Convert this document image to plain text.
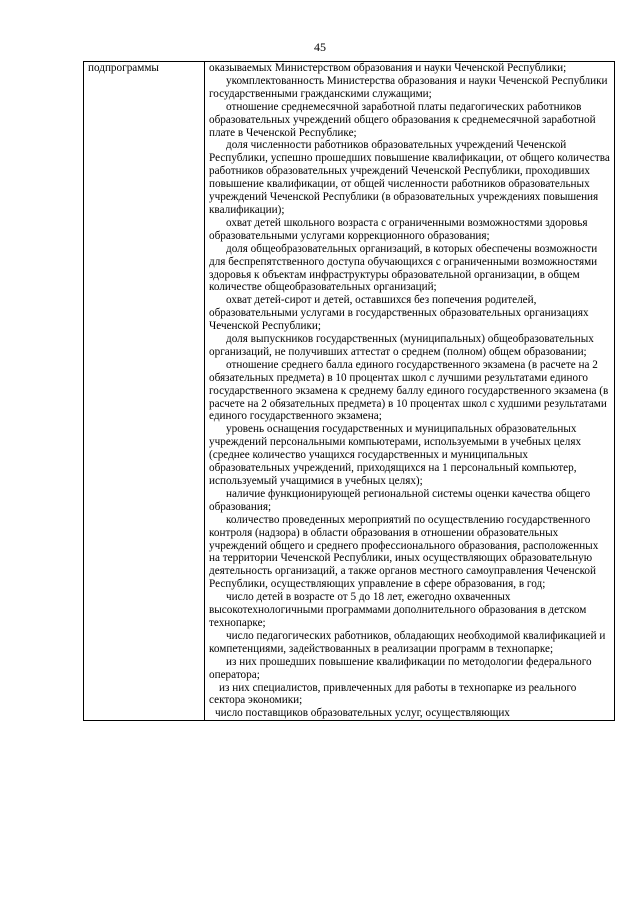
45
подпрограммы	оказываемых Министерством образования и науки Чеченской Республики;

укомплектованность Министерства образования и науки Чеченской Республики государственными гражданскими служащими;

отношение среднемесячной заработной платы педагогических работников образовательных учреждений общего образования к среднемесячной заработной плате в Чеченской Республике;

доля численности работников образовательных учреждений Чеченской Республики, успешно прошедших повышение квалификации, от общего количества работников образовательных учреждений Чеченской Республики, проходивших повышение квалификации, от общей численности работников образовательных учреждений Чеченской Республики (в образовательных учреждениях повышения квалификации);

охват детей школьного возраста с ограниченными возможностями здоровья образовательными услугами коррекционного образования;

доля общеобразовательных организаций, в которых обеспечены возможности для беспрепятственного доступа обучающихся с ограниченными возможностями здоровья к объектам инфраструктуры образовательной организации, в общем количестве общеобразовательных организаций;

охват детей-сирот и детей, оставшихся без попечения родителей, образовательными услугами в государственных образовательных организациях Чеченской Республики;

доля выпускников государственных (муниципальных) общеобразовательных организаций, не получивших аттестат о среднем (полном) общем образовании;

отношение среднего балла единого государственного экзамена (в расчете на 2 обязательных предмета) в 10 процентах школ с лучшими результатами единого государственного экзамена к среднему баллу единого государственного экзамена (в расчете на 2 обязательных предмета) в 10 процентах школ с худшими результатами единого государственного экзамена;

уровень оснащения государственных и муниципальных образовательных учреждений персональными компьютерами, используемыми в учебных целях (среднее количество учащихся государственных и муниципальных образовательных учреждений, приходящихся на 1 персональный компьютер, используемый учащимися в учебных целях);

наличие функционирующей региональной системы оценки качества общего образования;

количество проведенных мероприятий по осуществлению государственного контроля (надзора) в области образования в отношении образовательных учреждений общего и среднего профессионального образования, расположенных на территории Чеченской Республики, иных осуществляющих образовательную деятельность организаций, а также органов местного самоуправления Чеченской Республики, осуществляющих управление в сфере образования, в год;

число детей в возрасте от 5 до 18 лет, ежегодно охваченных высокотехнологичными программами дополнительного образования в детском технопарке;

число педагогических работников, обладающих необходимой квалификацией и компетенциями, задействованных в реализации программ в технопарке;

из них прошедших повышение квалификации по методологии федерального оператора;

из них специалистов, привлеченных для работы в технопарке из реального сектора экономики;

число поставщиков образовательных услуг, осуществляющих
